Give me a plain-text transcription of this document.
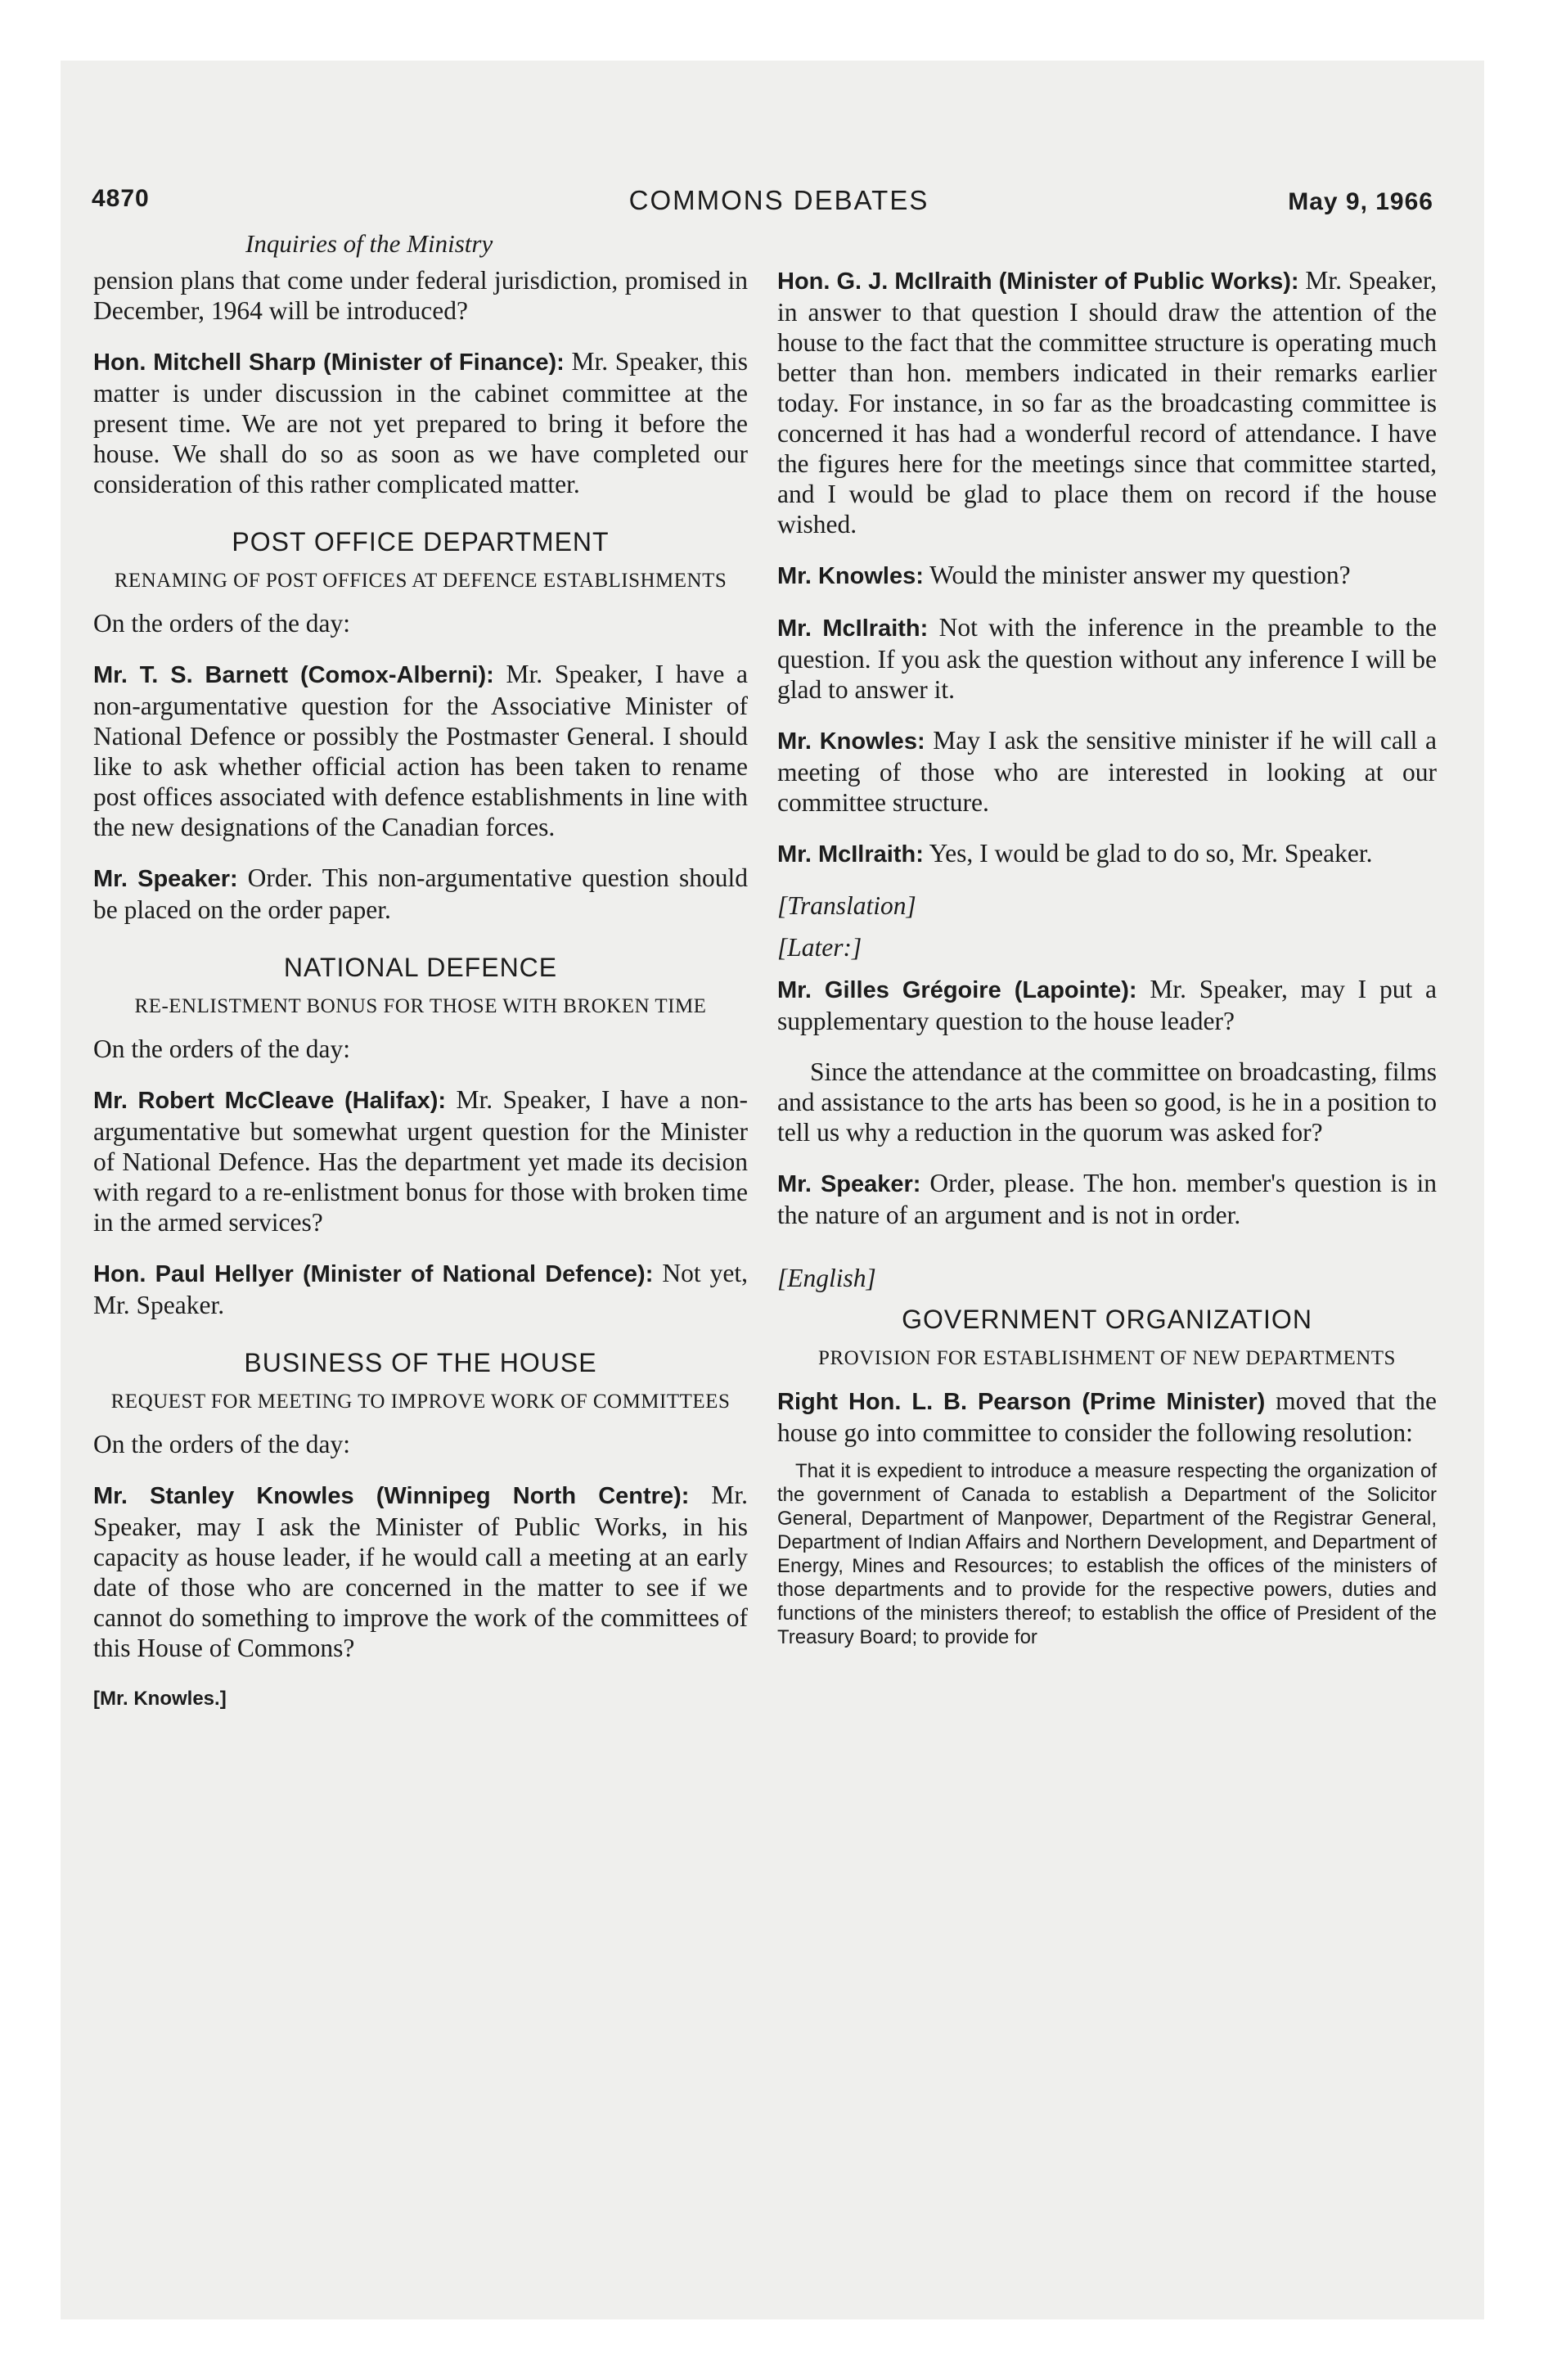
4870	COMMONS DEBATES	May 9, 1966
Inquiries of the Ministry

pension plans that come under federal jurisdiction, promised in December, 1964 will be introduced?

Hon. Mitchell Sharp (Minister of Finance): Mr. Speaker, this matter is under discussion in the cabinet committee at the present time. We are not yet prepared to bring it before the house. We shall do so as soon as we have completed our consideration of this rather complicated matter.

POST OFFICE DEPARTMENT
RENAMING OF POST OFFICES AT DEFENCE ESTABLISHMENTS

On the orders of the day:

Mr. T. S. Barnett (Comox-Alberni): Mr. Speaker, I have a non-argumentative question for the Associative Minister of National Defence or possibly the Postmaster General. I should like to ask whether official action has been taken to rename post offices associated with defence establishments in line with the new designations of the Canadian forces.

Mr. Speaker: Order. This non-argumentative question should be placed on the order paper.

NATIONAL DEFENCE
RE-ENLISTMENT BONUS FOR THOSE WITH BROKEN TIME

On the orders of the day:

Mr. Robert McCleave (Halifax): Mr. Speaker, I have a non-argumentative but somewhat urgent question for the Minister of National Defence. Has the department yet made its decision with regard to a re-enlistment bonus for those with broken time in the armed services?

Hon. Paul Hellyer (Minister of National Defence): Not yet, Mr. Speaker.

BUSINESS OF THE HOUSE
REQUEST FOR MEETING TO IMPROVE WORK OF COMMITTEES

On the orders of the day:

Mr. Stanley Knowles (Winnipeg North Centre): Mr. Speaker, may I ask the Minister of Public Works, in his capacity as house leader, if he would call a meeting at an early date of those who are concerned in the matter to see if we cannot do something to improve the work of the committees of this House of Commons?

[Mr. Knowles.]

Hon. G. J. McIlraith (Minister of Public Works): Mr. Speaker, in answer to that question I should draw the attention of the house to the fact that the committee structure is operating much better than hon. members indicated in their remarks earlier today. For instance, in so far as the broadcasting committee is concerned it has had a wonderful record of attendance. I have the figures here for the meetings since that committee started, and I would be glad to place them on record if the house wished.

Mr. Knowles: Would the minister answer my question?

Mr. McIlraith: Not with the inference in the preamble to the question. If you ask the question without any inference I will be glad to answer it.

Mr. Knowles: May I ask the sensitive minister if he will call a meeting of those who are interested in looking at our committee structure.

Mr. McIlraith: Yes, I would be glad to do so, Mr. Speaker.

[Translation]

[Later:]

Mr. Gilles Grégoire (Lapointe): Mr. Speaker, may I put a supplementary question to the house leader?

Since the attendance at the committee on broadcasting, films and assistance to the arts has been so good, is he in a position to tell us why a reduction in the quorum was asked for?

Mr. Speaker: Order, please. The hon. member's question is in the nature of an argument and is not in order.

[English]

GOVERNMENT ORGANIZATION
PROVISION FOR ESTABLISHMENT OF NEW DEPARTMENTS

Right Hon. L. B. Pearson (Prime Minister) moved that the house go into committee to consider the following resolution:

That it is expedient to introduce a measure respecting the organization of the government of Canada to establish a Department of the Solicitor General, Department of Manpower, Department of the Registrar General, Department of Indian Affairs and Northern Development, and Department of Energy, Mines and Resources; to establish the offices of the ministers of those departments and to provide for the respective powers, duties and functions of the ministers thereof; to establish the office of President of the Treasury Board; to provide for
